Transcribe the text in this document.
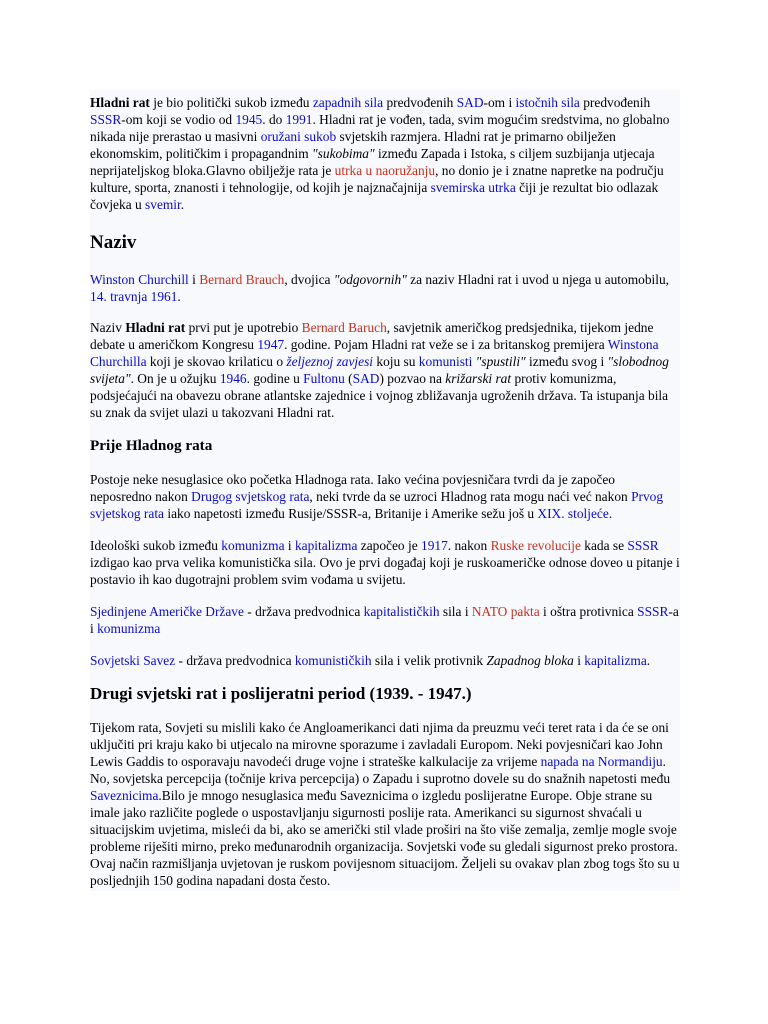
Hladni rat je bio politički sukob između zapadnih sila predvođenih SAD-om i istočnih sila predvođenih SSSR-om koji se vodio od 1945. do 1991. Hladni rat je vođen, tada, svim mogućim sredstvima, no globalno nikada nije prerastao u masivni oružani sukob svjetskih razmjera. Hladni rat je primarno obilježen ekonomskim, političkim i propagandnim "sukobima" između Zapada i Istoka, s ciljem suzbijanja utjecaja neprijateljskog bloka.Glavno obilježje rata je utrka u naoružanju, no donio je i znatne napretke na području kulture, sporta, znanosti i tehnologije, od kojih je najznačajnija svemirska utrka čiji je rezultat bio odlazak čovjeka u svemir.

Naziv

Winston Churchill i Bernard Brauch, dvojica "odgovornih" za naziv Hladni rat i uvod u njega u automobilu, 14. travnja 1961.

Naziv Hladni rat prvi put je upotrebio Bernard Baruch, savjetnik američkog predsjednika, tijekom jedne debate u američkom Kongresu 1947. godine. Pojam Hladni rat veže se i za britanskog premijera Winstona Churchilla koji je skovao krilaticu o željeznoj zavjesi koju su komunisti "spustili" između svog i "slobodnog svijeta". On je u ožujku 1946. godine u Fultonu (SAD) pozvao na križarski rat protiv komunizma, podsjećajući na obavezu obrane atlantske zajednice i vojnog zbližavanja ugroženih država. Ta istupanja bila su znak da svijet ulazi u takozvani Hladni rat.

Prije Hladnog rata

Postoje neke nesuglasice oko početka Hladnoga rata. Iako većina povjesničara tvrdi da je započeo neposredno nakon Drugog svjetskog rata, neki tvrde da se uzroci Hladnog rata mogu naći već nakon Prvog svjetskog rata iako napetosti između Rusije/SSSR-a, Britanije i Amerike sežu još u XIX. stoljeće.

Ideološki sukob između komunizma i kapitalizma započeo je 1917. nakon Ruske revolucije kada se SSSR izdigao kao prva velika komunistička sila. Ovo je prvi događaj koji je ruskoameričke odnose doveo u pitanje i postavio ih kao dugotrajni problem svim vođama u svijetu.

Sjedinjene Američke Države - država predvodnica kapitalističkih sila i NATO pakta i oštra protivnica SSSR-a i komunizma

Sovjetski Savez - država predvodnica komunističkih sila i velik protivnik Zapadnog bloka i kapitalizma.

Drugi svjetski rat i poslijeratni period (1939. - 1947.)

Tijekom rata, Sovjeti su mislili kako će Angloamerikanci dati njima da preuzmu veći teret rata i da će se oni uključiti pri kraju kako bi utjecalo na mirovne sporazume i zavladali Europom. Neki povjesničari kao John Lewis Gaddis to osporavaju navodeći druge vojne i strateške kalkulacije za vrijeme napada na Normandiju. No, sovjetska percepcija (točnije kriva percepcija) o Zapadu i suprotno dovele su do snažnih napetosti među Saveznicima.Bilo je mnogo nesuglasica među Saveznicima o izgledu poslijeratne Europe. Obje strane su imale jako različite poglede o uspostavljanju sigurnosti poslije rata. Amerikanci su sigurnost shvaćali u situacijskim uvjetima, misleći da bi, ako se američki stil vlade proširi na što više zemalja, zemlje mogle svoje probleme riješiti mirno, preko međunarodnih organizacija. Sovjetski vođe su gledali sigurnost preko prostora. Ovaj način razmišljanja uvjetovan je ruskom povijesnom situacijom. Željeli su ovakav plan zbog togs što su u posljednjih 150 godina napadani dosta često.
